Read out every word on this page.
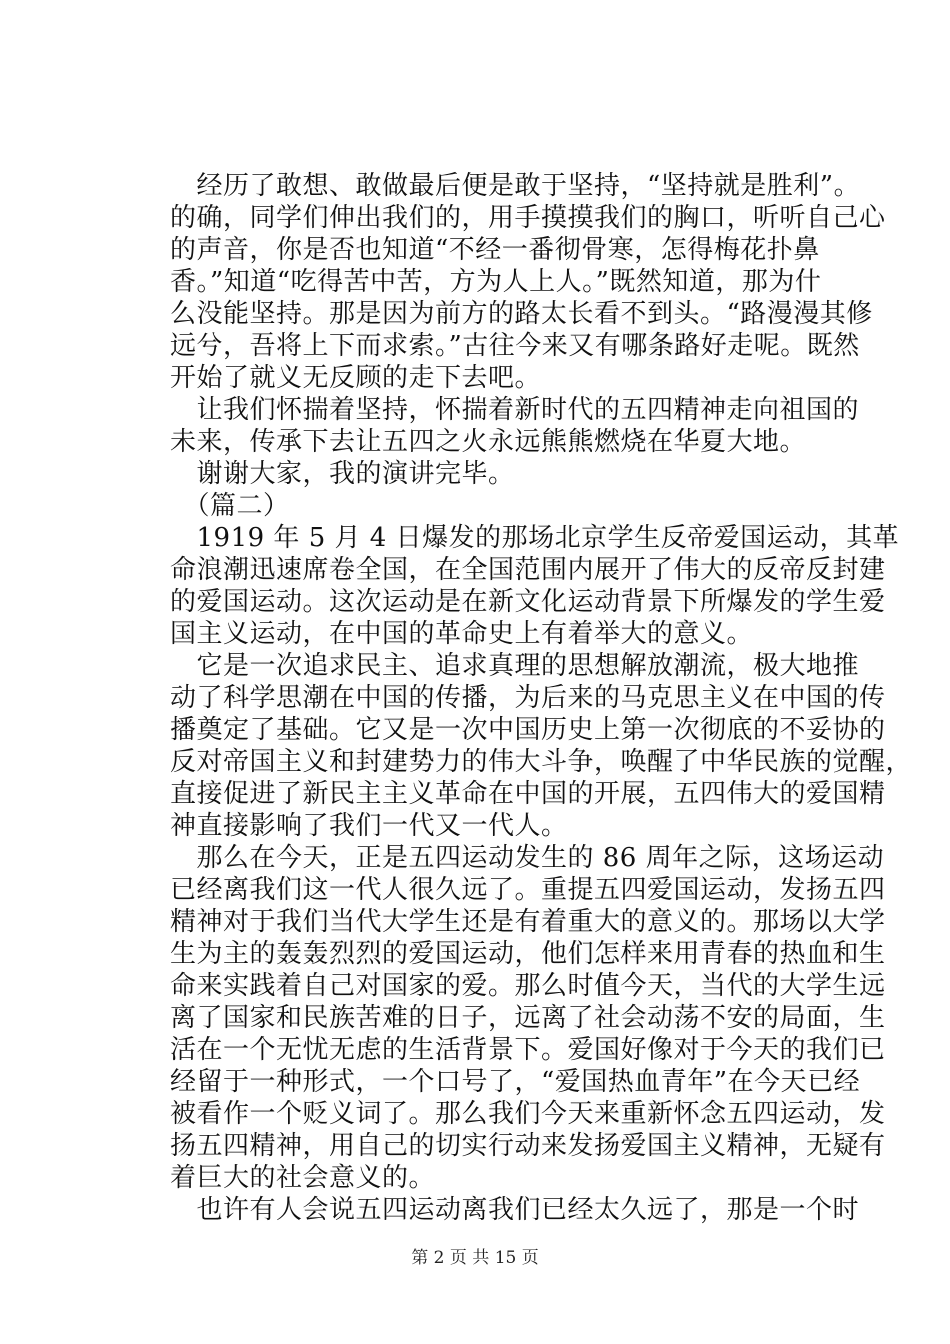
　经历了敢想、敢做最后便是敢于坚持，“坚持就是胜利”。
的确，同学们伸出我们的，用手摸摸我们的胸口，听听自己心
的声音，你是否也知道“不经一番彻骨寒，怎得梅花扑鼻
香。”知道“吃得苦中苦，方为人上人。”既然知道，那为什
么没能坚持。那是因为前方的路太长看不到头。“路漫漫其修
远兮，吾将上下而求索。”古往今来又有哪条路好走呢。既然
开始了就义无反顾的走下去吧。
　让我们怀揣着坚持，怀揣着新时代的五四精神走向祖国的
未来，传承下去让五四之火永远熊熊燃烧在华夏大地。
　谢谢大家，我的演讲完毕。
　（篇二）
　1919 年 5 月 4 日爆发的那场北京学生反帝爱国运动，其革
命浪潮迅速席卷全国，在全国范围内展开了伟大的反帝反封建
的爱国运动。这次运动是在新文化运动背景下所爆发的学生爱
国主义运动，在中国的革命史上有着举大的意义。
　它是一次追求民主、追求真理的思想解放潮流，极大地推
动了科学思潮在中国的传播，为后来的马克思主义在中国的传
播奠定了基础。它又是一次中国历史上第一次彻底的不妥协的
反对帝国主义和封建势力的伟大斗争，唤醒了中华民族的觉醒，
直接促进了新民主主义革命在中国的开展，五四伟大的爱国精
神直接影响了我们一代又一代人。
　那么在今天，正是五四运动发生的 86 周年之际，这场运动
已经离我们这一代人很久远了。重提五四爱国运动，发扬五四
精神对于我们当代大学生还是有着重大的意义的。那场以大学
生为主的轰轰烈烈的爱国运动，他们怎样来用青春的热血和生
命来实践着自己对国家的爱。那么时值今天，当代的大学生远
离了国家和民族苦难的日子，远离了社会动荡不安的局面，生
活在一个无忧无虑的生活背景下。爱国好像对于今天的我们已
经留于一种形式，一个口号了，“爱国热血青年”在今天已经
被看作一个贬义词了。那么我们今天来重新怀念五四运动，发
扬五四精神，用自己的切实行动来发扬爱国主义精神，无疑有
着巨大的社会意义的。
　也许有人会说五四运动离我们已经太久远了，那是一个时
第 2 页 共 15 页
